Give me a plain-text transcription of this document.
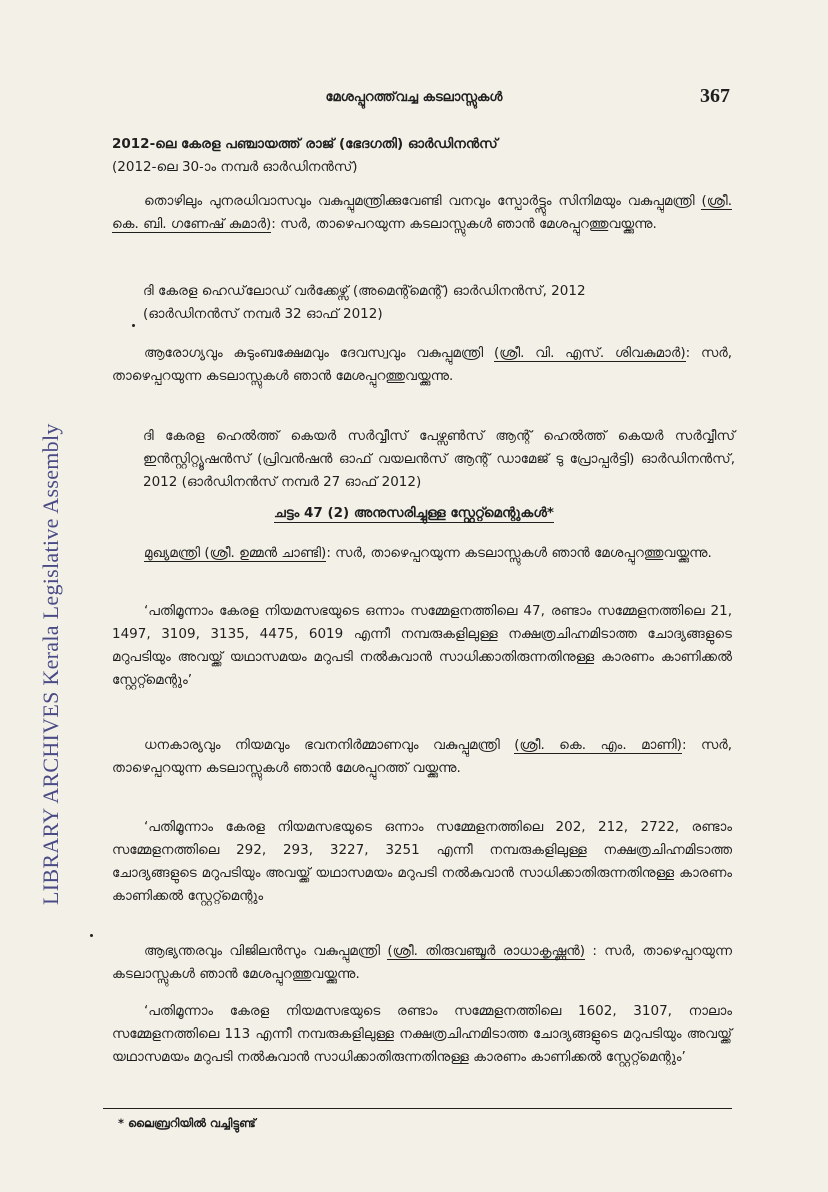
LIBRARY ARCHIVES Kerala Legislative Assembly
മേശപ്പുറത്ത്‌വച്ച കടലാസ്സുകൾ	367
2012-ലെ കേരള പഞ്ചായത്ത് രാജ് (ഭേദഗതി) ഓർഡിനൻസ്
(2012-ലെ 30-ാം നമ്പർ ഓർഡിനൻസ്)
തൊഴിലും പുനരധിവാസവും വകുപ്പുമന്ത്രിക്കുവേണ്ടി വനവും സ്പോർട്ട്സും സിനിമയും വകുപ്പുമന്ത്രി (ശ്രീ. കെ. ബി. ഗണേഷ് കുമാർ): സർ, താഴെപറയുന്ന കടലാസ്സുകൾ ഞാൻ മേശപ്പുറത്തുവയ്ക്കുന്നു.
ദി കേരള ഹെഡ്‌ലോഡ് വർക്കേഴ്സ് (അമെന്റ്മെന്റ്) ഓർഡിനൻസ്, 2012
(ഓർഡിനൻസ് നമ്പർ 32 ഓഫ് 2012)
ആരോഗ്യവും കുടുംബക്ഷേമവും ദേവസ്വവും വകുപ്പുമന്ത്രി (ശ്രീ. വി. എസ്. ശിവകുമാർ): സർ, താഴെപ്പറയുന്ന കടലാസ്സുകൾ ഞാൻ മേശപ്പുറത്തുവയ്ക്കുന്നു.
ദി കേരള ഹെൽത്ത് കെയർ സർവ്വീസ് പേഴ്സൺസ് ആന്റ് ഹെൽത്ത് കെയർ സർവ്വീസ് ഇൻസ്റ്റിറ്റ്യൂഷൻസ് (പ്രിവൻഷൻ ഓഫ് വയലൻസ് ആന്റ് ഡാമേജ് ടു പ്രോപ്പർട്ടി) ഓർഡിനൻസ്, 2012 (ഓർഡിനൻസ് നമ്പർ 27 ഓഫ് 2012)
ചട്ടം 47 (2) അനുസരിച്ചുള്ള സ്റ്റേറ്റ്മെന്റുകൾ*
മുഖ്യമന്ത്രി (ശ്രീ. ഉമ്മൻ ചാണ്ടി): സർ, താഴെപ്പറയുന്ന കടലാസ്സുകൾ ഞാൻ മേശപ്പുറത്തുവയ്ക്കുന്നു.
‘പതിമൂന്നാം കേരള നിയമസഭയുടെ ഒന്നാം സമ്മേളനത്തിലെ 47, രണ്ടാം സമ്മേളനത്തിലെ 21, 1497, 3109, 3135, 4475, 6019 എന്നീ നമ്പരുകളിലുള്ള നക്ഷത്രചിഹ്നമിടാത്ത ചോദ്യങ്ങളുടെ മറുപടിയും അവയ്ക്ക് യഥാസമയം മറുപടി നൽകുവാൻ സാധിക്കാതിരുന്നതിനുള്ള കാരണം കാണിക്കൽ സ്റ്റേറ്റ്മെന്റും’
ധനകാര്യവും നിയമവും ഭവനനിർമ്മാണവും വകുപ്പുമന്ത്രി (ശ്രീ. കെ. എം. മാണി): സർ, താഴെപ്പറയുന്ന കടലാസ്സുകൾ ഞാൻ മേശപ്പുറത്ത് വയ്ക്കുന്നു.
‘പതിമൂന്നാം കേരള നിയമസഭയുടെ ഒന്നാം സമ്മേളനത്തിലെ 202, 212, 2722, രണ്ടാം സമ്മേളനത്തിലെ 292, 293, 3227, 3251 എന്നീ നമ്പരുകളിലുള്ള നക്ഷത്രചിഹ്നമിടാത്ത ചോദ്യങ്ങളുടെ മറുപടിയും അവയ്ക്ക് യഥാസമയം മറുപടി നൽകുവാൻ സാധിക്കാതിരുന്നതിനുള്ള കാരണം കാണിക്കൽ സ്റ്റേറ്റ്മെന്റും
ആഭ്യന്തരവും വിജിലൻസും വകുപ്പുമന്ത്രി (ശ്രീ. തിരുവഞ്ചൂർ രാധാകൃഷ്ണൻ) : സർ, താഴെപ്പറയുന്ന കടലാസ്സുകൾ ഞാൻ മേശപ്പുറത്തുവയ്ക്കുന്നു.
‘പതിമൂന്നാം കേരള നിയമസഭയുടെ രണ്ടാം സമ്മേളനത്തിലെ 1602, 3107, നാലാം സമ്മേളനത്തിലെ 113 എന്നീ നമ്പരുകളിലുള്ള നക്ഷത്രചിഹ്നമിടാത്ത ചോദ്യങ്ങളുടെ മറുപടിയും അവയ്ക്ക് യഥാസമയം മറുപടി നൽകുവാൻ സാധിക്കാതിരുന്നതിനുള്ള കാരണം കാണിക്കൽ സ്റ്റേറ്റ്മെന്റും’
* ലൈബ്രറിയിൽ വച്ചിട്ടുണ്ട്
